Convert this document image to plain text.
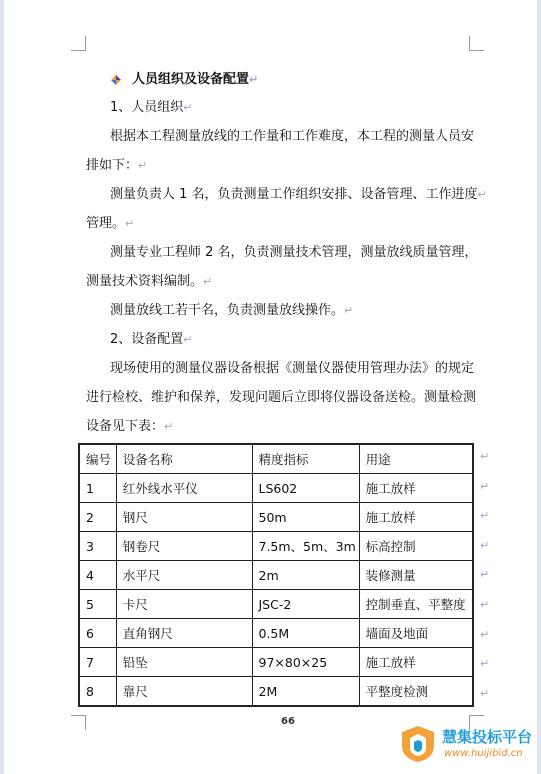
人员组织及设备配置↵
1、人员组织↵
根据本工程测量放线的工作量和工作难度，本工程的测量人员安
排如下：↵
测量负责人 1 名，负责测量工作组织安排、设备管理、工作进度↵
管理。↵
测量专业工程师 2 名，负责测量技术管理，测量放线质量管理，
测量技术资料编制。↵
测量放线工若干名，负责测量放线操作。↵
2、设备配置↵
现场使用的测量仪器设备根据《测量仪器使用管理办法》的规定
进行检校、维护和保养，发现问题后立即将仪器设备送检。测量检测
设备见下表：↵
编号	设备名称	精度指标	用途
1	红外线水平仪	LS602	施工放样
2	钢尺	50m	施工放样
3	钢卷尺	7.5m、5m、3m	标高控制
4	水平尺	2m	装修测量
5	卡尺	JSC-2	控制垂直、平整度
6	直角钢尺	0.5M	墙面及地面
7	铅坠	97×80×25	施工放样
8	靠尺	2M	平整度检测
↵
↵
↵
↵
↵
↵
↵
↵
↵
66
慧集投标平台
www.huijibid.cn
